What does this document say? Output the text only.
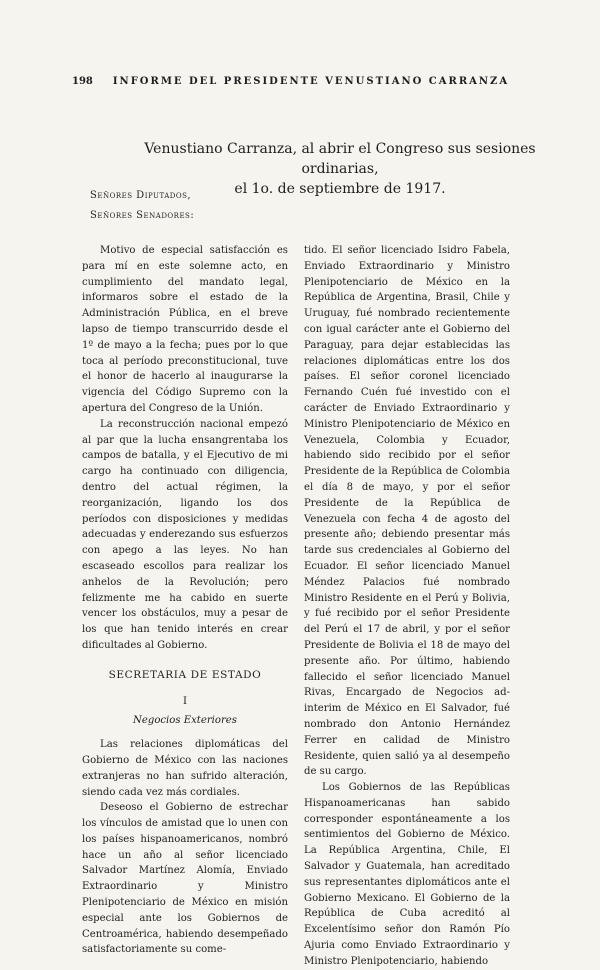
198 INFORME DEL PRESIDENTE VENUSTIANO CARRANZA
Venustiano Carranza, al abrir el Congreso sus sesiones ordinarias,
el 1o. de septiembre de 1917.
Señores Diputados,
Señores Senadores:

Motivo de especial satisfacción es para mí en este solemne acto, en cumplimiento del mandato legal, informaros sobre el estado de la Administración Pública, en el breve lapso de tiempo transcurrido desde el 1º de mayo a la fecha; pues por lo que toca al período preconstitucional, tuve el honor de hacerlo al inaugurarse la vigencia del Código Supremo con la apertura del Congreso de la Unión.

La reconstrucción nacional empezó al par que la lucha ensangrentaba los campos de batalla, y el Ejecutivo de mi cargo ha continuado con diligencia, dentro del actual régimen, la reorganización, ligando los dos períodos con disposiciones y medidas adecuadas y enderezando sus esfuerzos con apego a las leyes. No han escaseado escollos para realizar los anhelos de la Revolución; pero felizmente me ha cabido en suerte vencer los obstáculos, muy a pesar de los que han tenido interés en crear dificultades al Gobierno.

SECRETARIA DE ESTADO
I
Negocios Exteriores

Las relaciones diplomáticas del Gobierno de México con las naciones extranjeras no han sufrido alteración, siendo cada vez más cordiales.

Deseoso el Gobierno de estrechar los vínculos de amistad que lo unen con los países hispanoamericanos, nombró hace un año al señor licenciado Salvador Martínez Alomía, Enviado Extraordinario y Ministro Plenipotenciario de México en misión especial ante los Gobiernos de Centroamérica, habiendo desempeñado satisfactoriamente su come-

tido. El señor licenciado Isidro Fabela, Enviado Extraordinario y Ministro Plenipotenciario de México en la República de Argentina, Brasil, Chile y Uruguay, fué nombrado recientemente con igual carácter ante el Gobierno del Paraguay, para dejar establecidas las relaciones diplomáticas entre los dos países. El señor coronel licenciado Fernando Cuén fué investido con el carácter de Enviado Extraordinario y Ministro Plenipotenciario de México en Venezuela, Colombia y Ecuador, habiendo sido recibido por el señor Presidente de la República de Colombia el día 8 de mayo, y por el señor Presidente de la República de Venezuela con fecha 4 de agosto del presente año; debiendo presentar más tarde sus credenciales al Gobierno del Ecuador. El señor licenciado Manuel Méndez Palacios fué nombrado Ministro Residente en el Perú y Bolivia, y fué recibido por el señor Presidente del Perú el 17 de abril, y por el señor Presidente de Bolivia el 18 de mayo del presente año. Por último, habiendo fallecido el señor licenciado Manuel Rivas, Encargado de Negocios ad-interim de México en El Salvador, fué nombrado don Antonio Hernández Ferrer en calidad de Ministro Residente, quien salió ya al desempeño de su cargo.

Los Gobiernos de las Repúblicas Hispanoamericanas han sabido corresponder espontáneamente a los sentimientos del Gobierno de México. La República Argentina, Chile, El Salvador y Guatemala, han acreditado sus representantes diplomáticos ante el Gobierno Mexicano. El Gobierno de la República de Cuba acreditó al Excelentísimo señor don Ramón Pío Ajuria como Enviado Extraordinario y Ministro Plenipotenciario, habiendo
